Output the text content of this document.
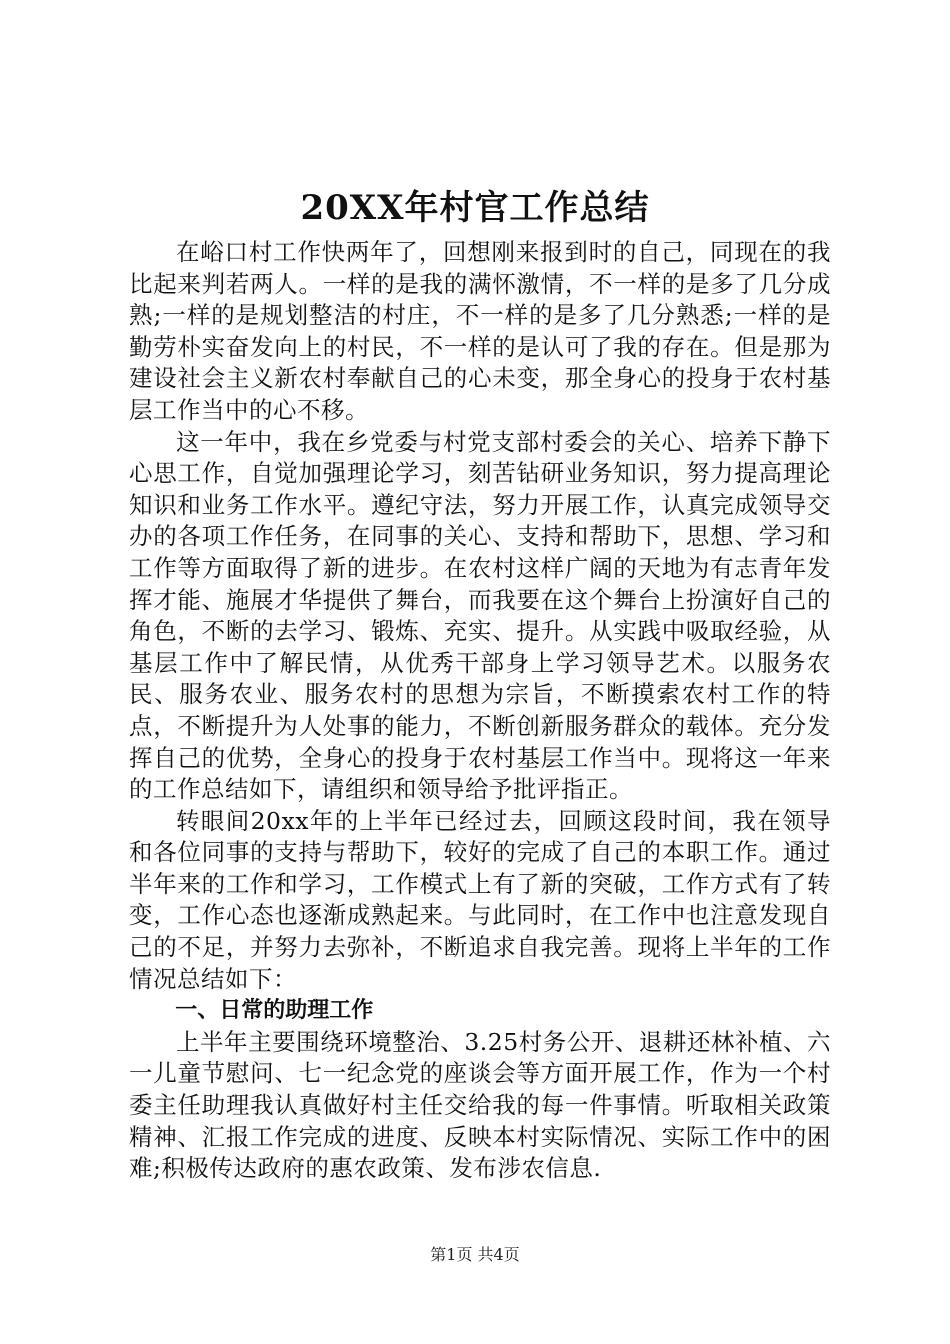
20XX年村官工作总结

在峪口村工作快两年了，回想刚来报到时的自己，同现在的我比起来判若两人。一样的是我的满怀激情，不一样的是多了几分成熟;一样的是规划整洁的村庄，不一样的是多了几分熟悉;一样的是勤劳朴实奋发向上的村民，不一样的是认可了我的存在。但是那为建设社会主义新农村奉献自己的心未变，那全身心的投身于农村基层工作当中的心不移。

这一年中，我在乡党委与村党支部村委会的关心、培养下静下心思工作，自觉加强理论学习，刻苦钻研业务知识，努力提高理论知识和业务工作水平。遵纪守法，努力开展工作，认真完成领导交办的各项工作任务，在同事的关心、支持和帮助下，思想、学习和工作等方面取得了新的进步。在农村这样广阔的天地为有志青年发挥才能、施展才华提供了舞台，而我要在这个舞台上扮演好自己的角色，不断的去学习、锻炼、充实、提升。从实践中吸取经验，从基层工作中了解民情，从优秀干部身上学习领导艺术。以服务农民、服务农业、服务农村的思想为宗旨，不断摸索农村工作的特点，不断提升为人处事的能力，不断创新服务群众的载体。充分发挥自己的优势，全身心的投身于农村基层工作当中。现将这一年来的工作总结如下，请组织和领导给予批评指正。

转眼间20xx年的上半年已经过去，回顾这段时间，我在领导和各位同事的支持与帮助下，较好的完成了自己的本职工作。通过半年来的工作和学习，工作模式上有了新的突破，工作方式有了转变，工作心态也逐渐成熟起来。与此同时，在工作中也注意发现自己的不足，并努力去弥补，不断追求自我完善。现将上半年的工作情况总结如下：

一、日常的助理工作

上半年主要围绕环境整治、3.25村务公开、退耕还林补植、六一儿童节慰问、七一纪念党的座谈会等方面开展工作，作为一个村委主任助理我认真做好村主任交给我的每一件事情。听取相关政策精神、汇报工作完成的进度、反映本村实际情况、实际工作中的困难;积极传达政府的惠农政策、发布涉农信息.

第1页 共4页
